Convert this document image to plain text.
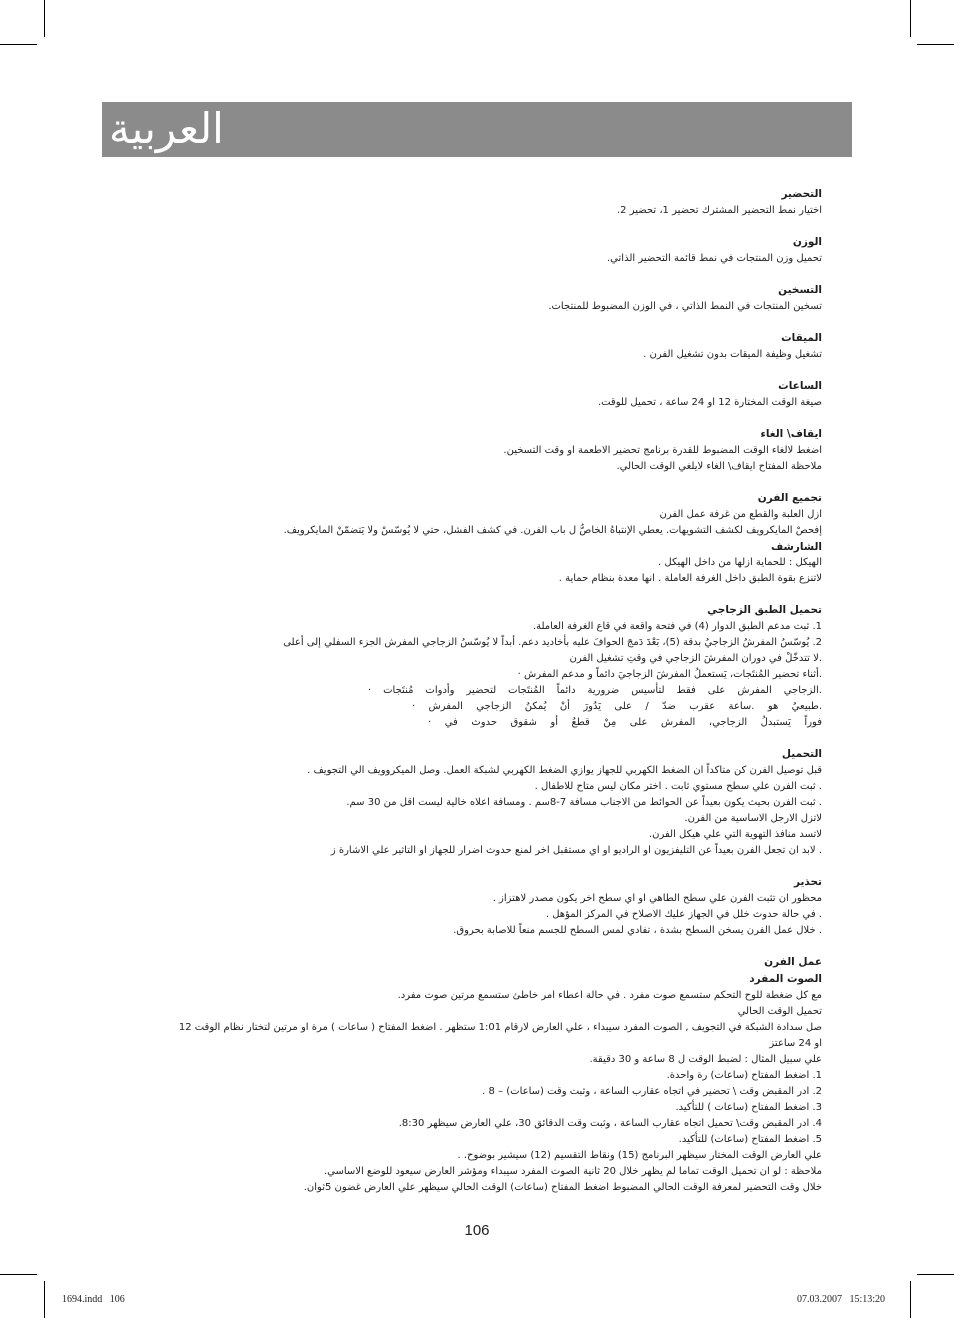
العربية
التحضير
اختيار نمط التحضير المشترك تحضير 1، تحضير 2.
الوزن
تحميل وزن المنتجات في نمط قائمة التحضير الذاتي.
التسخين
تسخين المنتجات في النمط الذاتي ، في الوزن المضبوط للمنتجات.
الميقات
تشغيل وظيفة الميقات بدون تشغيل الفرن .
الساعات
صيغة الوقت المختارة 12 او 24 ساعة ، تحميل للوقت.
ايقاف\ الغاء
اضغط لالغاء الوقت المضبوط للقدرة برنامج تحضير الاطعمة او وقت التسخين.
ملاحظة المفتاح ايقاف\ الغاء لايلغي الوقت الحالي.
تجميع الفرن
ازل العلبة والقطع من غرفة عمل الفرن
إفحصْ المايكرويف لكشف التشويهات. يعطي الإنتباهُ الخاصُّ ل باب الفرن. في كشف الفشل، حتي لا يُوسّسْ ولا يَتضمّنْ المايكرويف.
الشارشف
الهيكل : للحماية ازلها من داخل الهيكل .
لاتنزع بقوة الطبق داخل الغرفة العاملة . انها معدة بنظام حماية .
تحميل الطبق الزجاجي
1. ثبت مدعم الطبق الدوار (4) في فتحة واقعة في قاع الغرفة العاملة.
2. يُوسّسُ المفرشُ الزجاجيُ بدقة (5)، بَعْدَ دَمجَ الحوافَ عليه بأخاديد دعم. أبداً لا يُوسّسُ الزجاجي المفرش الجزء السفلي إلى أعلى
.لا تتدخّلْ في دوران المفرشَ الزجاجي في وقتِ تشغيل الفرن
.أثناء تحضير المُنتَجات، يَستعملُ المفرشَ الزجاجيَ دائماً و مدعم المفرش ·
.الزجاجي المفرش على فقط لتأسيس ضرورية دائماً المُنتَجات لتحضير وأدوات مُنتَجات ·
.طبيعيُ هو .ساعة عقرب ضدّ / على يَدُورَ أنْ يُمكنُ الزجاجي المفرش ·
فوراً يَستبدلُ الزجاجي، المفرش على مِنْ قطعُ أو شقوق حدوث في ·
التحميل
قبل توصيل الفرن كن متاكداً ان الضغط الكهربي للجهاز يوازي الضغط الكهربي لشبكة العمل. وصل الميكروويف الي التجويف .
. ثبت الفرن علي سطح مستوي ثابت . اختر مكان ليس متاح للاطفال .
. ثبت الفرن بحيث يكون بعيداً عن الحوائط من الاجناب مسافة 7-8سم . ومسافة اعلاه خالية ليست اقل من 30 سم.
لاتزل الارجل الاساسية من الفرن.
لاتسد منافذ التهوية التي علي هيكل الفرن.
. لابد ان تجعل الفرن بعيداً عن التليفزيون او الراديو او اي مستقبل اخر لمنع حدوث اضرار للجهاز او التاثير علي الاشارة ز
تحذير
محظور ان تثبت الفرن علي سطح الطاهي او اي سطح اخر يكون مصدر لاهتزاز .
. في حالة حدوث خلل في الجهاز عليك الاصلاح في المركز المؤهل .
. خلال عمل الفرن يسخن السطح بشدة ، تفادي لمس السطح للجسم منعاً للاصابة بحروق.
عمل الفرن
الصوت المفرد
مع كل ضغطة للوح التحكم ستسمع صوت مفرد . في حالة اعطاء امر خاطئ ستسمع مرتين صوت مفرد.
تحميل الوقت الحالي
صل سدادة الشبكة في التجويف , الصوت المفرد سيبداء ، علي العارض لارقام 1:01 ستظهر . اضغط المفتاح ( ساعات ) مرة او مرتين لتختار نظام الوقت 12
او 24 ساعتز
علي سبيل المثال : لضبط الوقت ل 8 ساعة و 30 دقيقة.
1. اضغط المفتاح (ساعات) رة واحدة.
2. ادر المقبض وقت \ تحضير في اتجاه عقارب الساعة ، وثبت وقت (ساعات) – 8 .
3. اضغط المفتاح (ساعات ) للتأكيد.
4. ادر المقبض وقت\ تحميل اتجاه عقارب الساعة ، وثبت وقت الدقائق 30، علي العارض سيظهر 8:30.
5. اضغط المفتاح (ساعات) للتأكيد.
علي العارض الوقت المختار سيظهر البرنامج (15) ونقاط التقسيم (12) سيشير بوضوح. .
ملاحظة : لو ان تحميل الوقت تماما لم يظهر خلال 20 ثانية الصوت المفرد سيبداء ومؤشر العارض سيعود للوضع الاساسي.
خلال وقت التحضير لمعرفة الوقت الحالي المضبوط اضغط المفتاح (ساعات) الوقت الحالي سيظهر علي العارض غضون 5ثوان.
106
1694.indd   106	07.03.2007   15:13:20
